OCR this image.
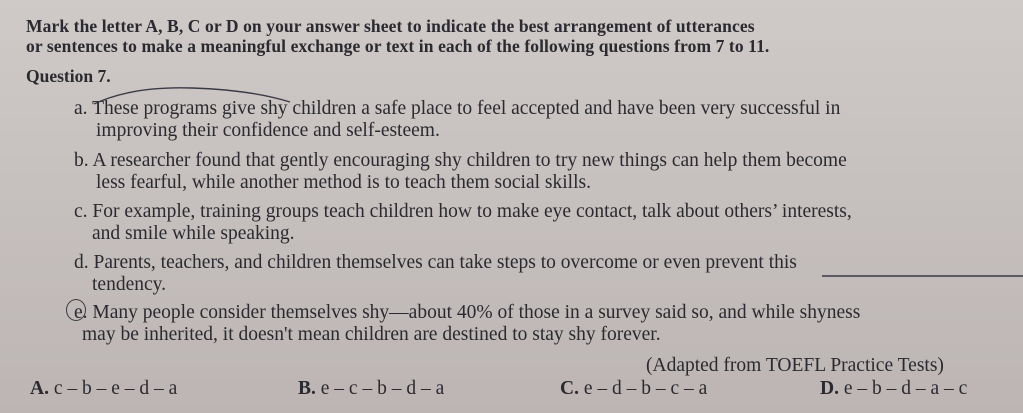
Mark the letter A, B, C or D on your answer sheet to indicate the best arrangement of utterances
or sentences to make a meaningful exchange or text in each of the following questions from 7 to 11.
Question 7.
a. These programs give shy children a safe place to feel accepted and have been very successful in
improving their confidence and self-esteem.
b. A researcher found that gently encouraging shy children to try new things can help them become
less fearful, while another method is to teach them social skills.
c. For example, training groups teach children how to make eye contact, talk about others’ interests,
and smile while speaking.
d. Parents, teachers, and children themselves can take steps to overcome or even prevent this
tendency.
e. Many people consider themselves shy—about 40% of those in a survey said so, and while shyness
may be inherited, it doesn't mean children are destined to stay shy forever.
(Adapted from TOEFL Practice Tests)
A. c – b – e – d – a	B. e – c – b – d – a	C. e – d – b – c – a	D. e – b – d – a – c
